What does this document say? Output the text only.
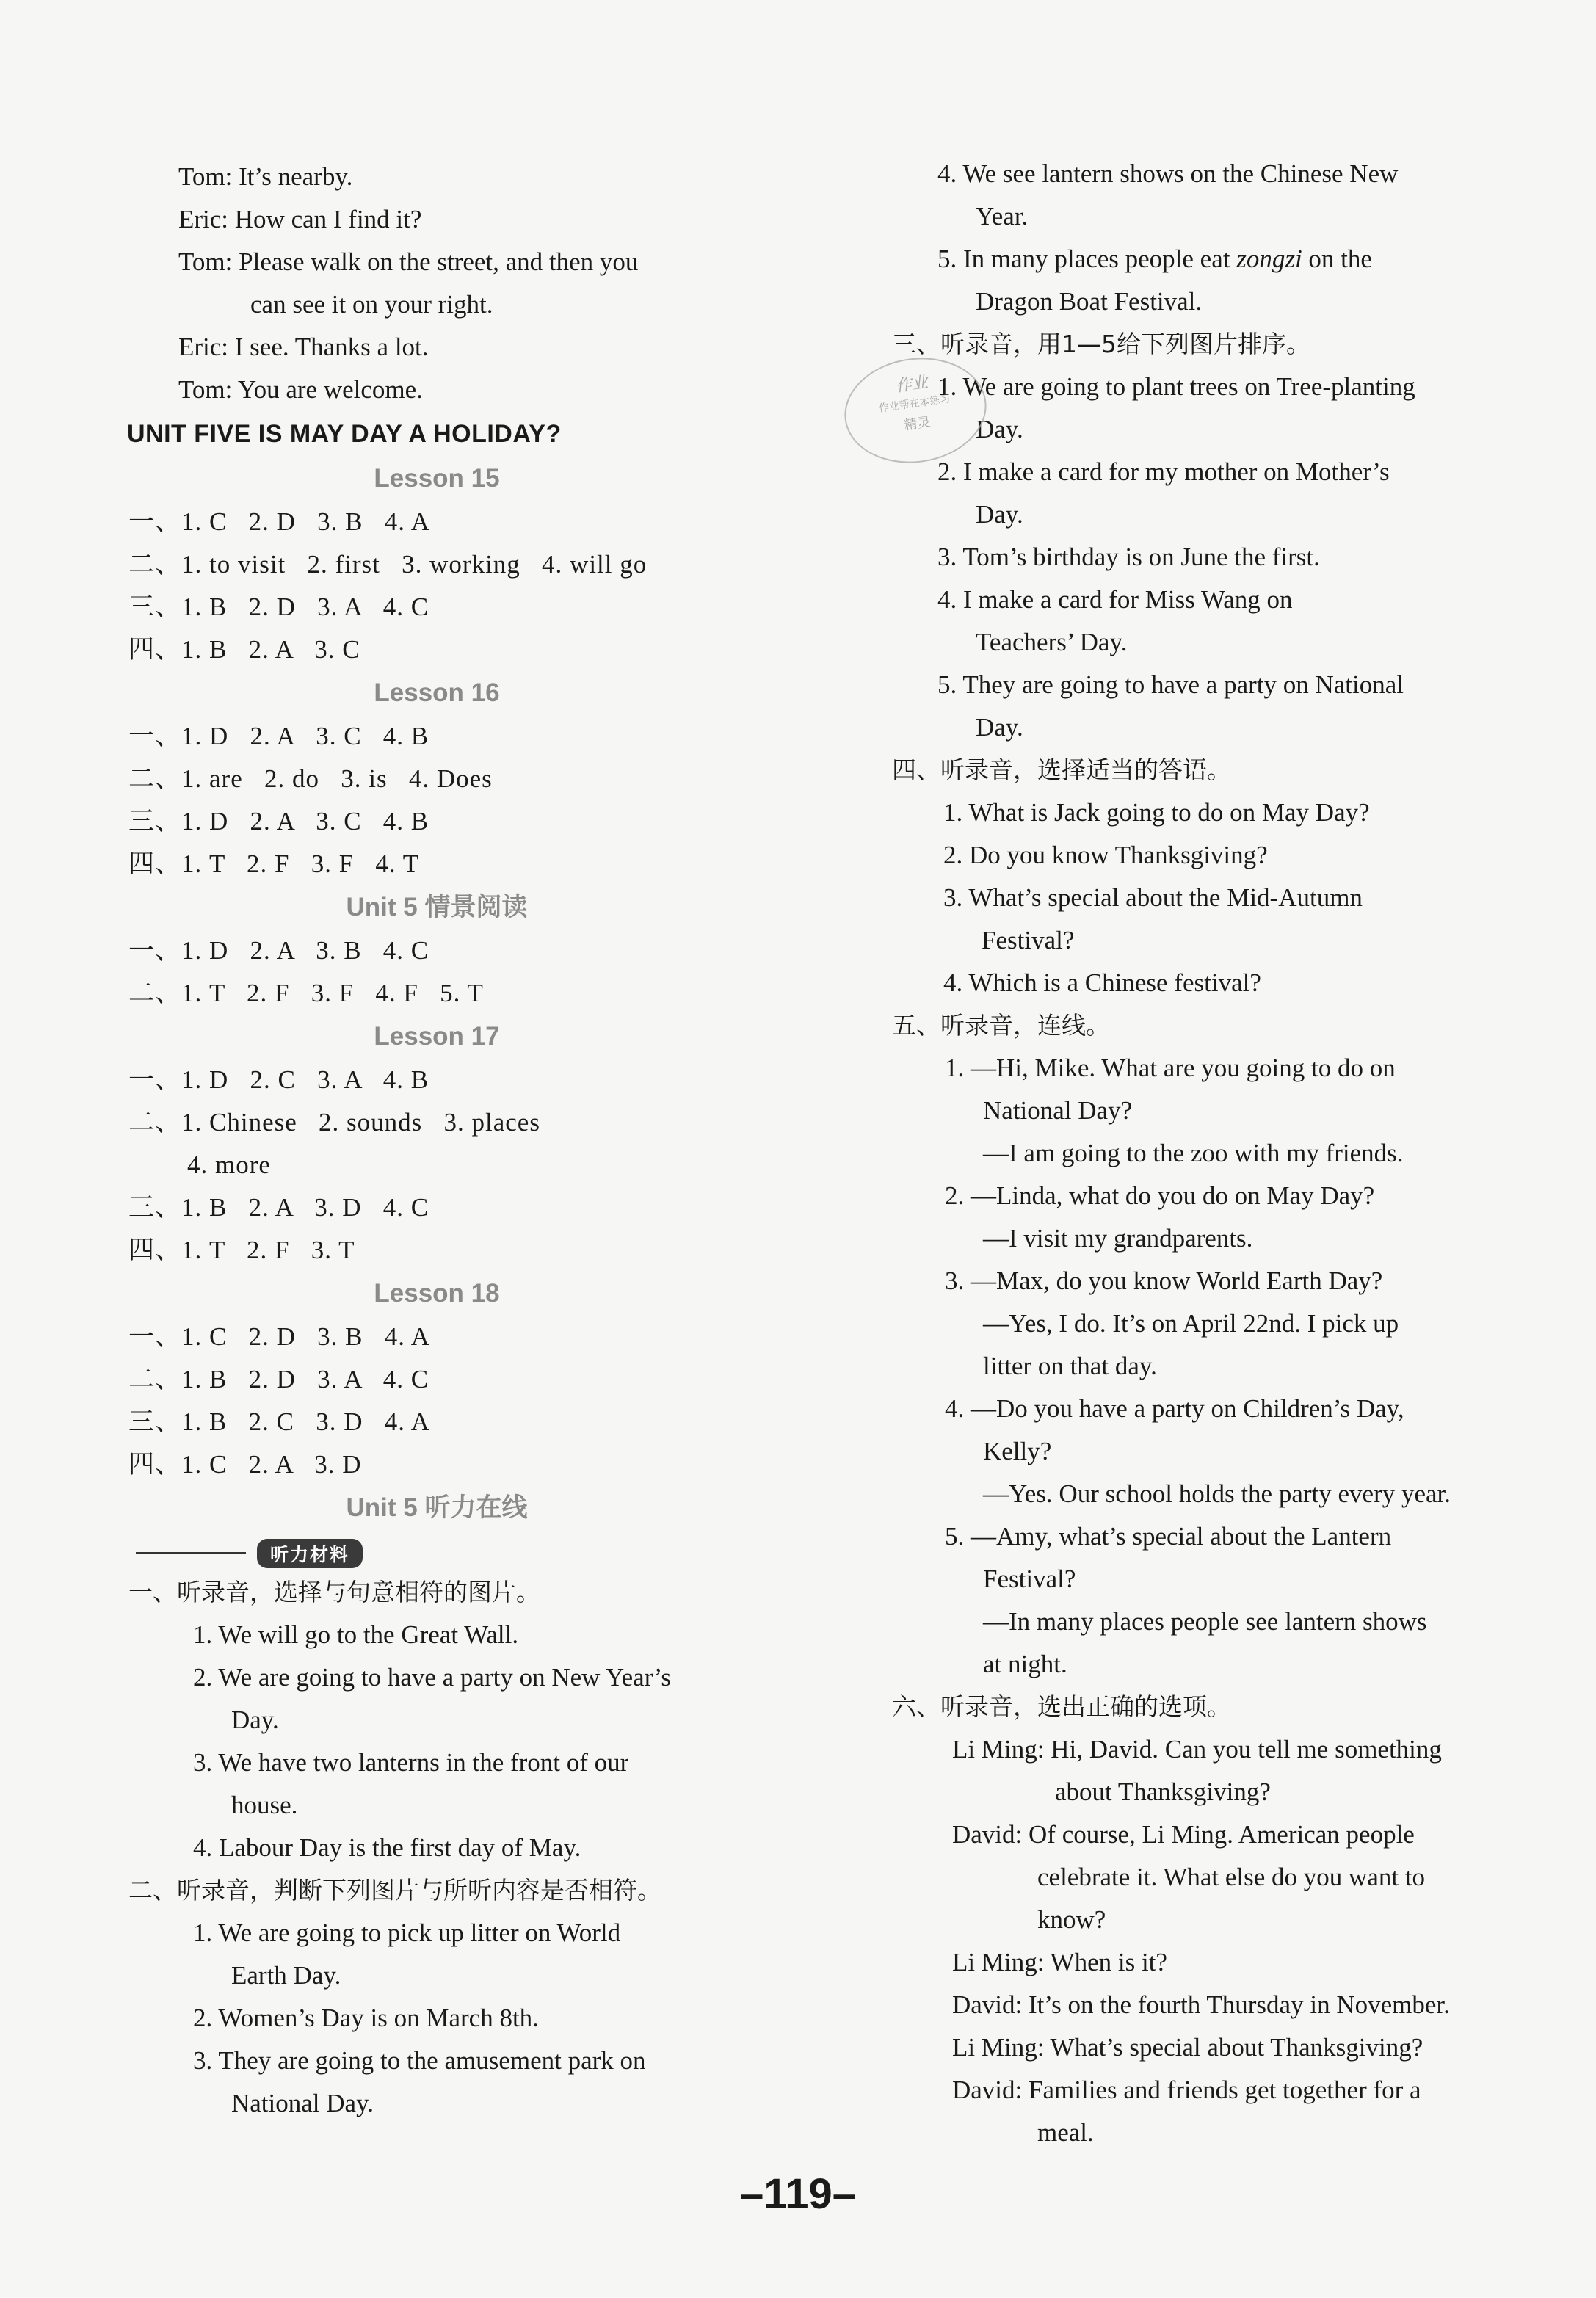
Tom: It’s nearby.
Eric: How can I find it?
Tom: Please walk on the street, and then you
can see it on your right.
Eric: I see. Thanks a lot.
Tom: You are welcome.
UNIT FIVE IS MAY DAY A HOLIDAY?
Lesson 15
一、1. C   2. D   3. B   4. A
二、1. to visit   2. first   3. working   4. will go
三、1. B   2. D   3. A   4. C
四、1. B   2. A   3. C
Lesson 16
一、1. D   2. A   3. C   4. B
二、1. are   2. do   3. is   4. Does
三、1. D   2. A   3. C   4. B
四、1. T   2. F   3. F   4. T
Unit 5 情景阅读
一、1. D   2. A   3. B   4. C
二、1. T   2. F   3. F   4. F   5. T
Lesson 17
一、1. D   2. C   3. A   4. B
二、1. Chinese   2. sounds   3. places
4. more
三、1. B   2. A   3. D   4. C
四、1. T   2. F   3. T
Lesson 18
一、1. C   2. D   3. B   4. A
二、1. B   2. D   3. A   4. C
三、1. B   2. C   3. D   4. A
四、1. C   2. A   3. D
Unit 5 听力在线
听力材料
一、听录音，选择与句意相符的图片。
1. We will go to the Great Wall.
2. We are going to have a party on New Year’s
Day.
3. We have two lanterns in the front of our
house.
4. Labour Day is the first day of May.
二、听录音，判断下列图片与所听内容是否相符。
1. We are going to pick up litter on World
Earth Day.
2. Women’s Day is on March 8th.
3. They are going to the amusement park on
National Day.
4. We see lantern shows on the Chinese New
Year.
5. In many places people eat zongzi on the
Dragon Boat Festival.
三、听录音，用1—5给下列图片排序。
1. We are going to plant trees on Tree-planting
Day.
2. I make a card for my mother on Mother’s
Day.
3. Tom’s birthday is on June the first.
4. I make a card for Miss Wang on
Teachers’ Day.
5. They are going to have a party on National
Day.
四、听录音，选择适当的答语。
1. What is Jack going to do on May Day?
2. Do you know Thanksgiving?
3. What’s special about the Mid-Autumn
Festival?
4. Which is a Chinese festival?
五、听录音，连线。
1. —Hi, Mike. What are you going to do on
National Day?
—I am going to the zoo with my friends.
2. —Linda, what do you do on May Day?
—I visit my grandparents.
3. —Max, do you know World Earth Day?
—Yes, I do. It’s on April 22nd. I pick up
litter on that day.
4. —Do you have a party on Children’s Day,
Kelly?
—Yes. Our school holds the party every year.
5. —Amy, what’s special about the Lantern
Festival?
—In many places people see lantern shows
at night.
六、听录音，选出正确的选项。
Li Ming: Hi, David. Can you tell me something
about Thanksgiving?
David: Of course, Li Ming. American people
celebrate it. What else do you want to
know?
Li Ming: When is it?
David: It’s on the fourth Thursday in November.
Li Ming: What’s special about Thanksgiving?
David: Families and friends get together for a
meal.
作业
作业帮在本练习
精灵
–119–
